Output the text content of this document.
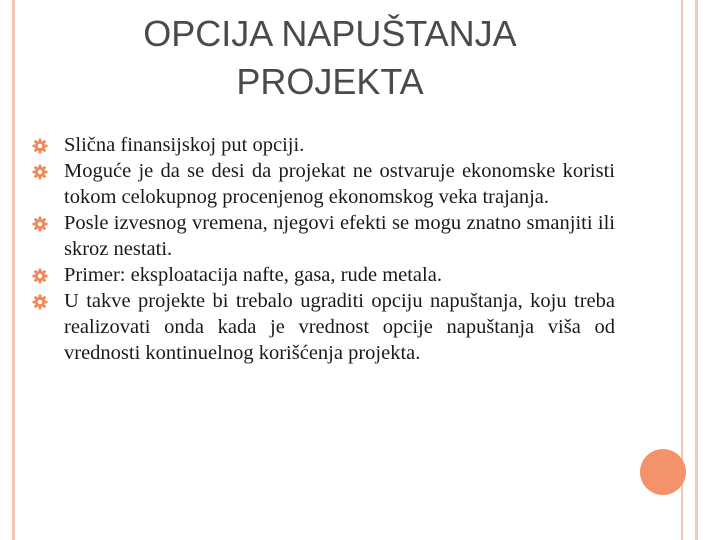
OPCIJA NAPUŠTANJA
PROJEKTA
Slična finansijskoj put opciji.
Moguće je da se desi da projekat ne ostvaruje ekonomske koristi tokom celokupnog procenjenog ekonomskog veka trajanja.
Posle izvesnog vremena, njegovi efekti se mogu znatno smanjiti ili skroz nestati.
Primer: eksploatacija nafte, gasa, rude metala.
U takve projekte bi trebalo ugraditi opciju napuštanja, koju treba realizovati onda kada je vrednost opcije napuštanja viša od vrednosti kontinuelnog korišćenja projekta.
